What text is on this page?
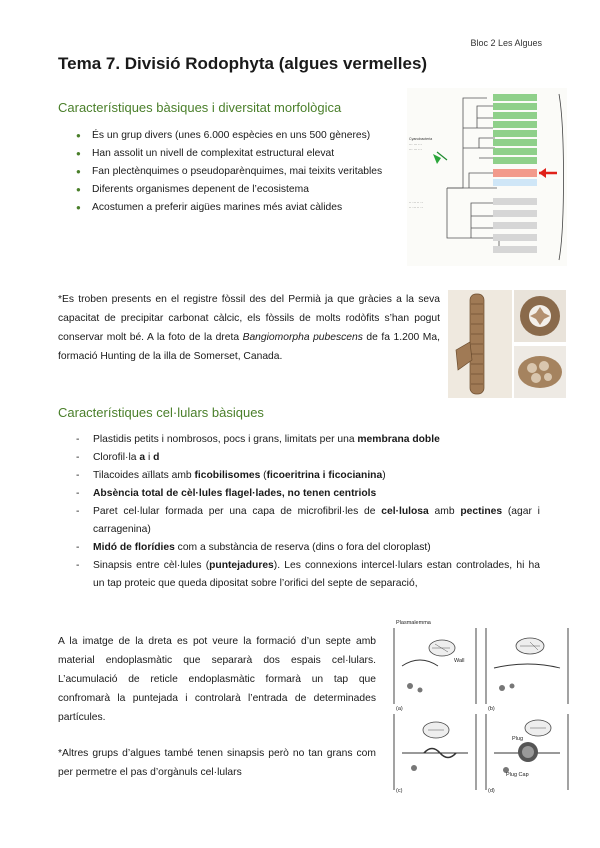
Bloc 2 Les Algues
Tema 7. Divisió Rodophyta (algues vermelles)
Característiques bàsiques i diversitat morfològica
● És un grup divers (unes 6.000 espècies en uns 500 gèneres)
● Han assolit un nivell de complexitat estructural elevat
● Fan plectènquimes o pseudoparènquimes, mai teixits veritables
● Diferents organismes depenent de l’ecosistema
● Acostumen a preferir aigües marines més aviat càlides
Cyanobacteria
··· ··· ···
··· ··· ···
·· ··· ·· ··
·· ··· ·· ··

*Es troben presents en el registre fòssil des del Permià ja que gràcies a la seva capacitat de precipitar carbonat càlcic, els fòssils de molts rodòfits s’han pogut conservar molt bé. A la foto de la dreta Bangiomorpha pubescens de fa 1.200 Ma, formació Hunting de la illa de Somerset, Canada.

Característiques cel·lulars bàsiques
- Plastidis petits i nombrosos, pocs i grans, limitats per una membrana doble
- Clorofil·la a i d
- Tilacoides aïllats amb ficobilisomes (ficoeritrina i ficocianina)
- Absència total de cèl·lules flagel·lades, no tenen centriols
- Paret cel·lular formada per una capa de microfibril·les de cel·lulosa amb pectines (agar i carragenina)
- Midó de florídies com a substància de reserva (dins o fora del cloroplast)
- Sinapsis entre cèl·lules (puntejadures). Les connexions intercel·lulars estan controlades, hi ha un tap proteic que queda dipositat sobre l’orifici del septe de separació,

A la imatge de la dreta es pot veure la formació d’un septe amb material endoplasmàtic que separarà dos espais cel·lulars. L’acumulació de reticle endoplasmàtic formarà un tap que confromarà la puntejada i controlarà l’entrada de determinades partícules.

*Altres grups d’algues també tenen sinapsis però no tan grans com per permetre el pas d’orgànuls cel·lulars

Plasmalemma
Wall
Plug
Plug Cap
(a)	(b)
(c)	(d)
